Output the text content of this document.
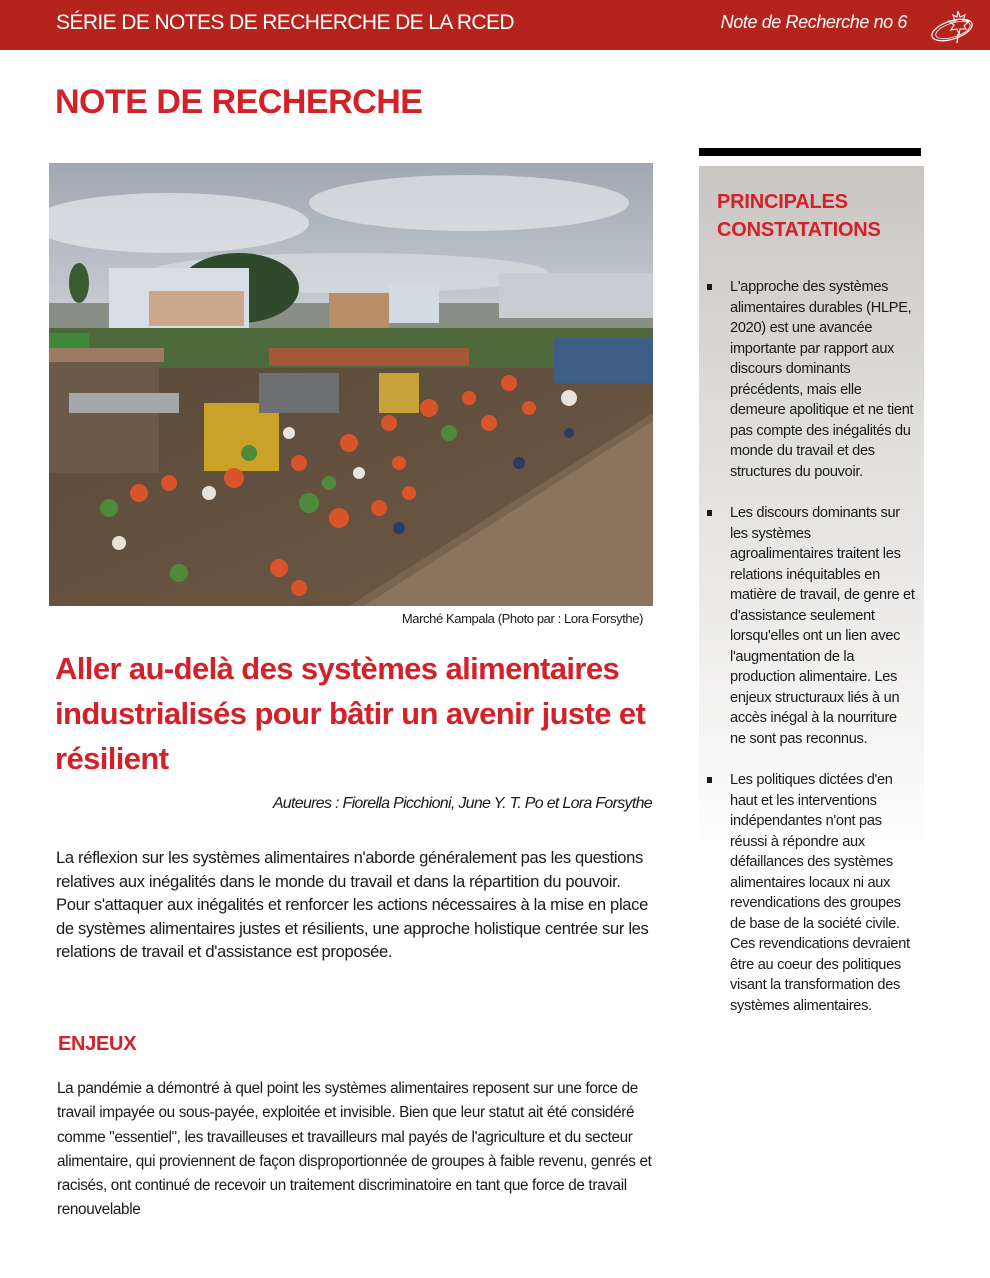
SÉRIE DE NOTES DE RECHERCHE DE LA RCED	Note de Recherche no 6
NOTE DE RECHERCHE
Marché Kampala (Photo par : Lora Forsythe)
Aller au-delà des systèmes alimentaires industrialisés pour bâtir un avenir juste et résilient
Auteures : Fiorella Picchioni, June Y. T. Po et Lora Forsythe

La réflexion sur les systèmes alimentaires n'aborde généralement pas les questions relatives aux inégalités dans le monde du travail et dans la répartition du pouvoir. Pour s'attaquer aux inégalités et renforcer les actions nécessaires à la mise en place de systèmes alimentaires justes et résilients, une approche holistique centrée sur les relations de travail et d'assistance est proposée.

ENJEUX

La pandémie a démontré à quel point les systèmes alimentaires reposent sur une force de travail impayée ou sous-payée, exploitée et invisible. Bien que leur statut ait été considéré comme "essentiel", les travailleuses et travailleurs mal payés de l'agriculture et du secteur alimentaire, qui proviennent de façon disproportionnée de groupes à faible revenu, genrés et racisés, ont continué de recevoir un traitement discriminatoire en tant que force de travail renouvelable

PRINCIPALES
CONSTATATIONS
L'approche des systèmes alimentaires durables (HLPE, 2020) est une avancée importante par rapport aux discours dominants précédents, mais elle demeure apolitique et ne tient pas compte des inégalités du monde du travail et des structures du pouvoir.
Les discours dominants sur les systèmes agroalimentaires traitent les relations inéquitables en matière de travail, de genre et d'assistance seulement lorsqu'elles ont un lien avec l'augmentation de la production alimentaire. Les enjeux structuraux liés à un accès inégal à la nourriture ne sont pas reconnus.
Les politiques dictées d'en haut et les interventions indépendantes n'ont pas réussi à répondre aux défaillances des systèmes alimentaires locaux ni aux revendications des groupes de base de la société civile. Ces revendications devraient être au coeur des politiques visant la transformation des systèmes alimentaires.
